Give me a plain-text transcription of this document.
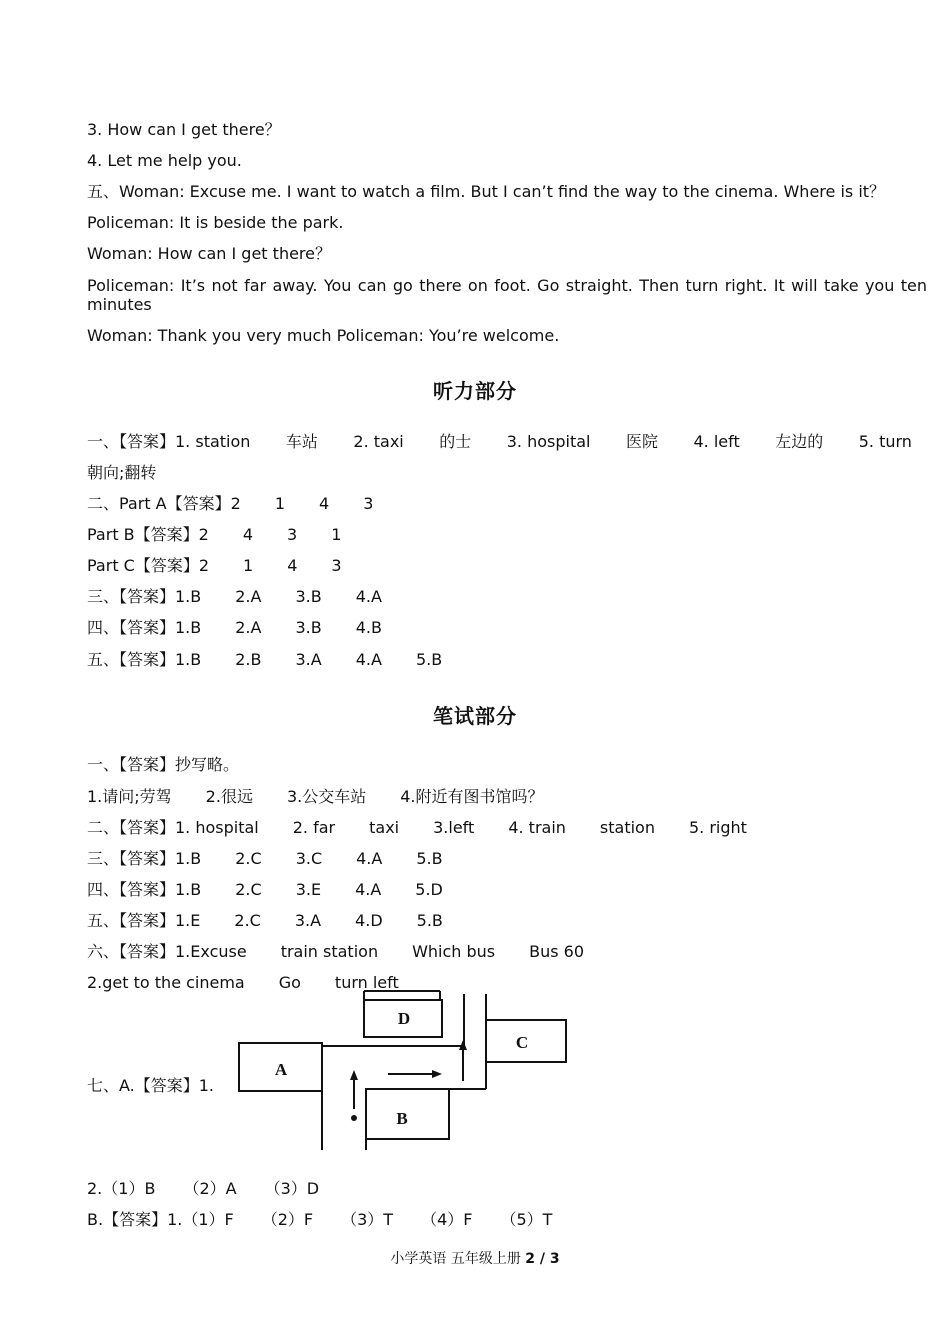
3. How can I get there？
4. Let me help you.
五、Woman: Excuse me. I want to watch a film. But I can’t find the way to the cinema. Where is it？
Policeman: It is beside the park.
Woman: How can I get there？
Policeman: It’s not far away. You can go there on foot. Go straight. Then turn right. It will take you ten minutes
Woman: Thank you very much Policeman: You’re welcome.
听力部分
一、【答案】1. station 车站 2. taxi 的士 3. hospital 医院 4. left 左边的 5. turn
朝向;翻转
二、Part A【答案】2 1 4 3
Part B【答案】2 4 3 1
Part C【答案】2 1 4 3
三、【答案】1.B 2.A 3.B 4.A
四、【答案】1.B 2.A 3.B 4.B
五、【答案】1.B 2.B 3.A 4.A 5.B
笔试部分
一、【答案】抄写略。
1.请问;劳驾 2.很远 3.公交车站 4.附近有图书馆吗？
二、【答案】1. hospital 2. far taxi 3.left 4. train station 5. right
三、【答案】1.B 2.C 3.C 4.A 5.B
四、【答案】1.B 2.C 3.E 4.A 5.D
五、【答案】1.E 2.C 3.A 4.D 5.B
六、【答案】1.Excuse train station Which bus Bus 60
2.get to the cinema Go turn left
七、A.【答案】1.
A
B
C
D
2.（1）B （2）A （3）D
B.【答案】1.（1）F （2）F （3）T （4）F （5）T
小学英语 五年级上册 2 / 3
